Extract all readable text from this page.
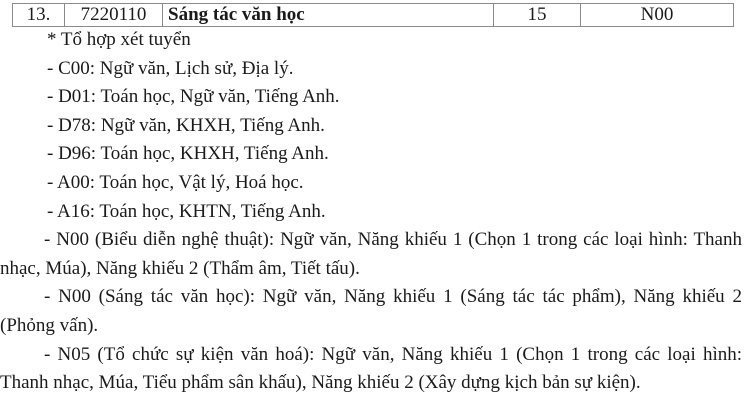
13.	7220110	Sáng tác văn học	15	N00
* Tổ hợp xét tuyển
- C00: Ngữ văn, Lịch sử, Địa lý.
- D01: Toán học, Ngữ văn, Tiếng Anh.
- D78: Ngữ văn, KHXH, Tiếng Anh.
- D96: Toán học, KHXH, Tiếng Anh.
- A00: Toán học, Vật lý, Hoá học.
- A16: Toán học, KHTN, Tiếng Anh.

- N00 (Biểu diễn nghệ thuật): Ngữ văn, Năng khiếu 1 (Chọn 1 trong các loại hình: Thanh nhạc, Múa), Năng khiếu 2 (Thẩm âm, Tiết tấu).

- N00 (Sáng tác văn học): Ngữ văn, Năng khiếu 1 (Sáng tác tác phẩm), Năng khiếu 2 (Phỏng vấn).

- N05 (Tổ chức sự kiện văn hoá): Ngữ văn, Năng khiếu 1 (Chọn 1 trong các loại hình: Thanh nhạc, Múa, Tiểu phẩm sân khấu), Năng khiếu 2 (Xây dựng kịch bản sự kiện).
